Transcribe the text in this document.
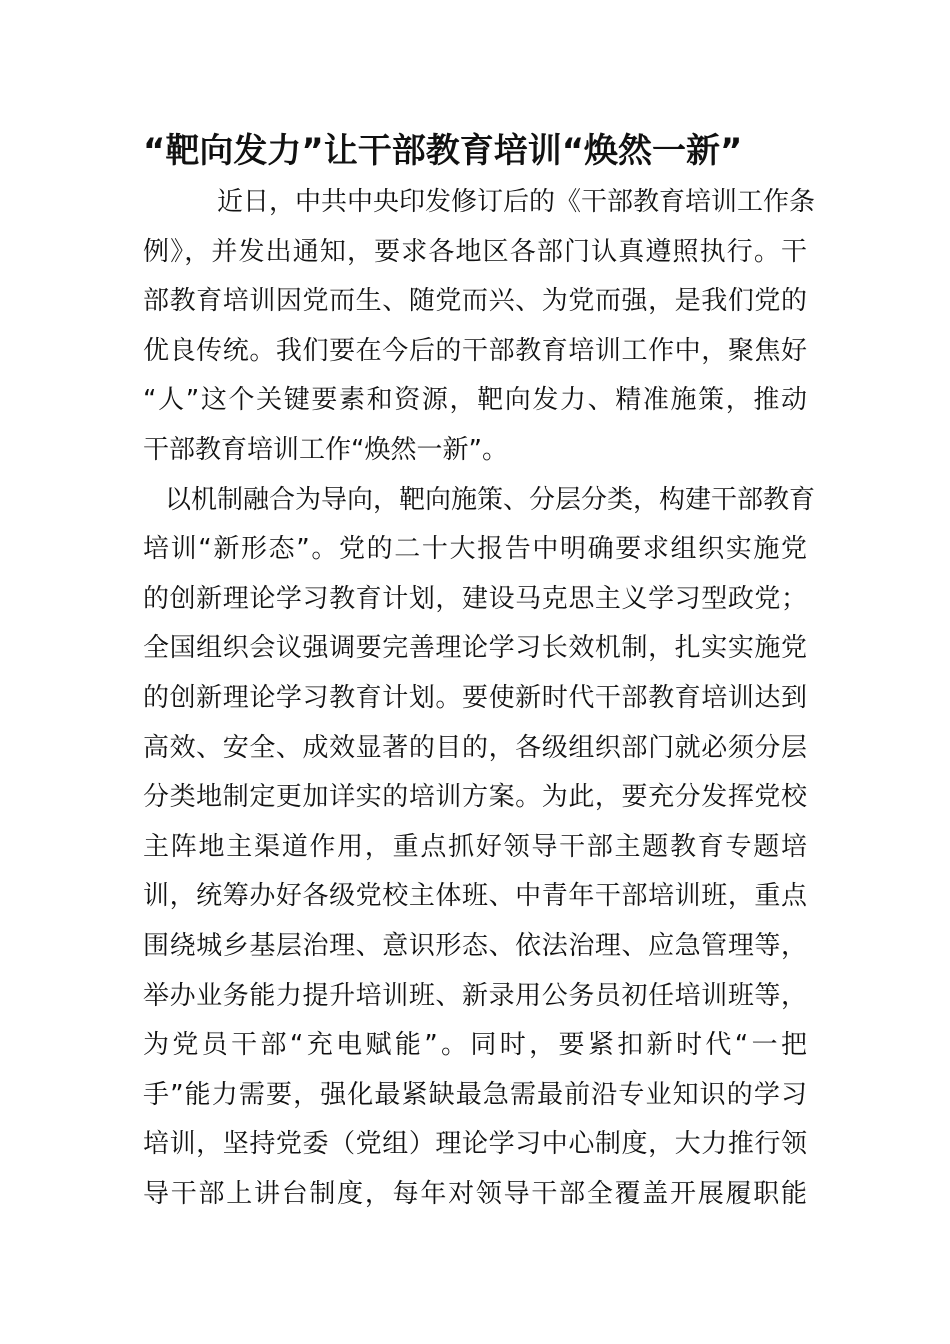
“靶向发力”让干部教育培训“焕然一新”
近日，中共中央印发修订后的《干部教育培训工作条
例》，并发出通知，要求各地区各部门认真遵照执行。干
部教育培训因党而生、随党而兴、为党而强，是我们党的
优良传统。我们要在今后的干部教育培训工作中，聚焦好
“人”这个关键要素和资源，靶向发力、精准施策，推动
干部教育培训工作“焕然一新”。
以机制融合为导向，靶向施策、分层分类，构建干部教育
培训“新形态”。党的二十大报告中明确要求组织实施党
的创新理论学习教育计划，建设马克思主义学习型政党；
全国组织会议强调要完善理论学习长效机制，扎实实施党
的创新理论学习教育计划。要使新时代干部教育培训达到
高效、安全、成效显著的目的，各级组织部门就必须分层
分类地制定更加详实的培训方案。为此，要充分发挥党校
主阵地主渠道作用，重点抓好领导干部主题教育专题培
训，统筹办好各级党校主体班、中青年干部培训班，重点
围绕城乡基层治理、意识形态、依法治理、应急管理等，
举办业务能力提升培训班、新录用公务员初任培训班等，
为党员干部“充电赋能”。同时，要紧扣新时代“一把
手”能力需要，强化最紧缺最急需最前沿专业知识的学习
培训，坚持党委（党组）理论学习中心制度，大力推行领
导干部上讲台制度，每年对领导干部全覆盖开展履职能
